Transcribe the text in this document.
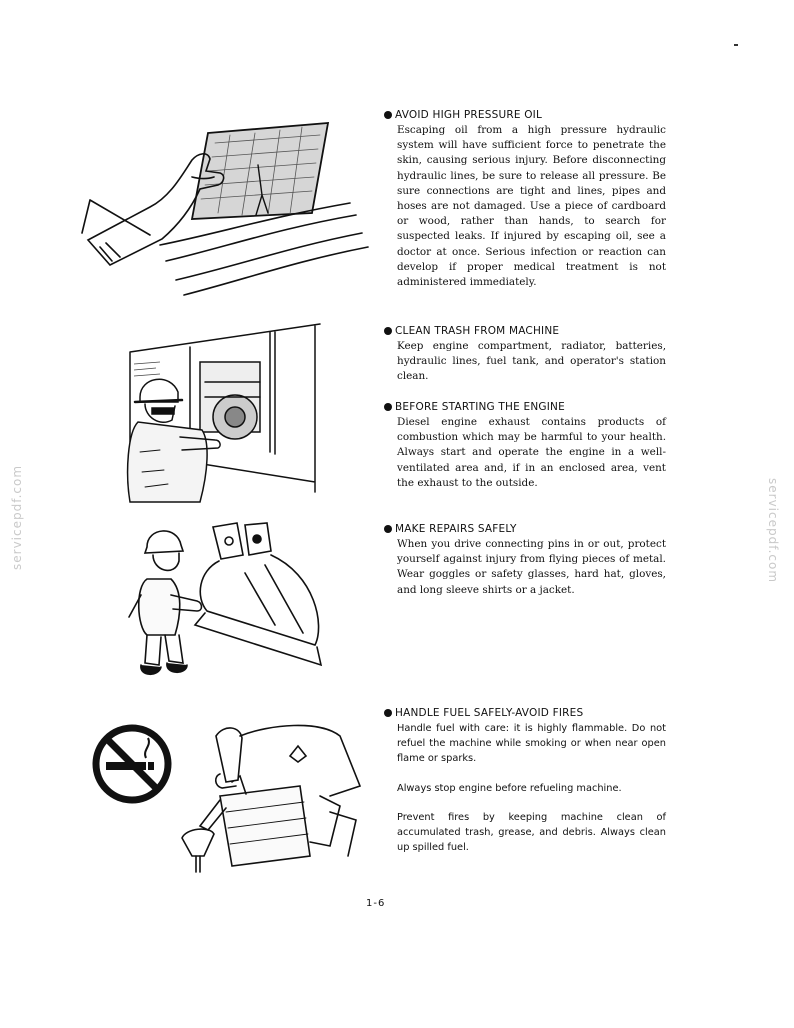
AVOID HIGH PRESSURE OIL

Escaping oil from a high pressure hydraulic system will have sufficient force to penetrate the skin, causing serious injury. Before disconnecting hydraulic lines, be sure to release all pressure. Be sure connections are tight and lines, pipes and hoses are not damaged. Use a piece of cardboard or wood, rather than hands, to search for suspected leaks. If injured by escaping oil, see a doctor at once. Serious infection or reaction can develop if proper medical treatment is not administered immediately.

CLEAN TRASH FROM MACHINE

Keep engine compartment, radiator, batteries, hydraulic lines, fuel tank, and operator's station clean.

BEFORE STARTING THE ENGINE

Diesel engine exhaust contains products of combustion which may be harmful to your health. Always start and operate the engine in a well-ventilated area and, if in an enclosed area, vent the exhaust to the outside.

MAKE REPAIRS SAFELY

When you drive connecting pins in or out, protect yourself against injury from flying pieces of metal. Wear goggles or safety glasses, hard hat, gloves, and long sleeve shirts or a jacket.

HANDLE FUEL SAFELY-AVOID FIRES

Handle fuel with care: it is highly flammable. Do not refuel the machine while smoking or when near open flame or sparks.

Always stop engine before refueling machine.

Prevent fires by keeping machine clean of accumulated trash, grease, and debris. Always clean up spilled fuel.

1-6
servicepdf.com	servicepdf.com
